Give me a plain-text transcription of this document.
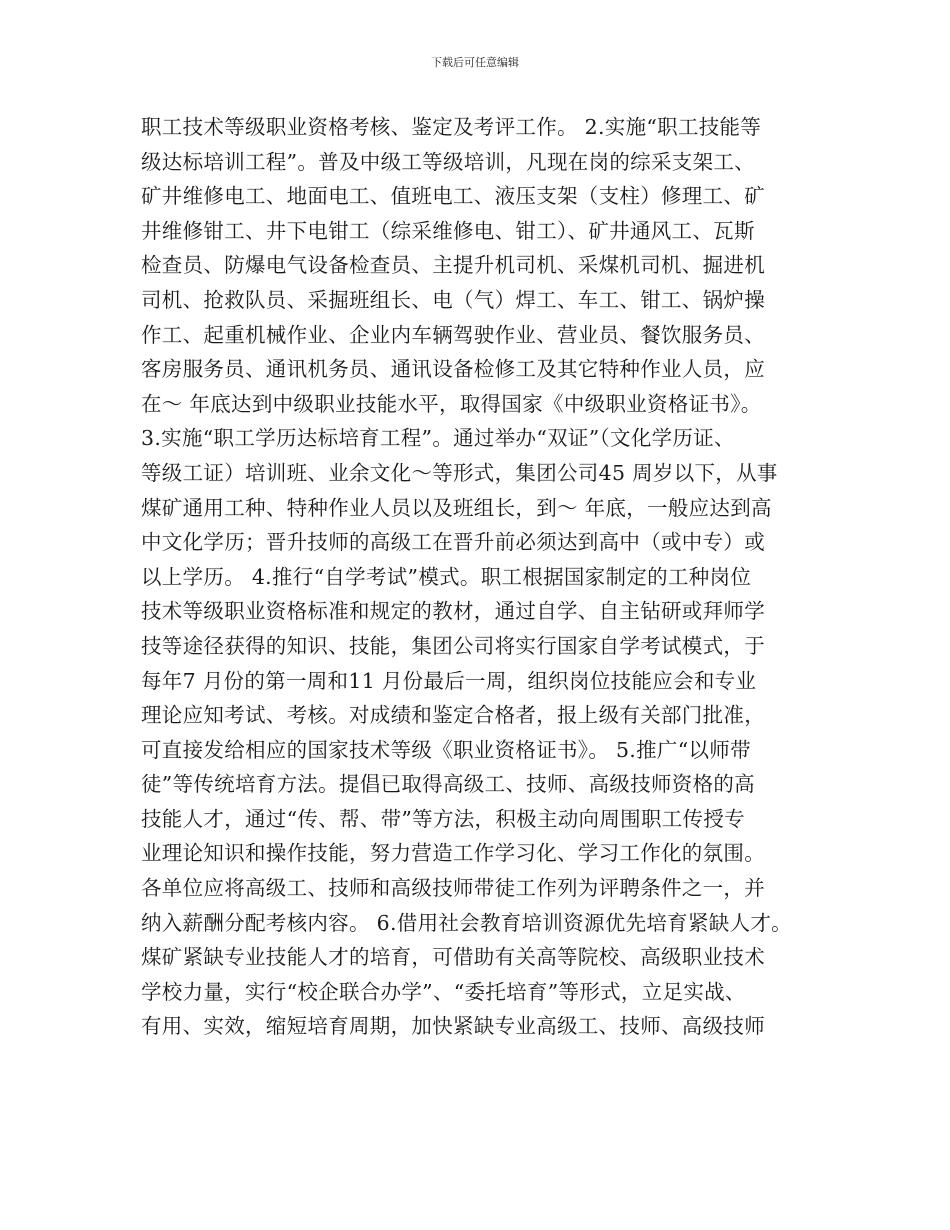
下载后可任意编辑
职工技术等级职业资格考核、鉴定及考评工作。 2.实施“职工技能等
级达标培训工程”。普及中级工等级培训，凡现在岗的综采支架工、
矿井维修电工、地面电工、值班电工、液压支架（支柱）修理工、矿
井维修钳工、井下电钳工（综采维修电、钳工）、矿井通风工、瓦斯
检查员、防爆电气设备检查员、主提升机司机、采煤机司机、掘进机
司机、抢救队员、采掘班组长、电（气）焊工、车工、钳工、锅炉操
作工、起重机械作业、企业内车辆驾驶作业、营业员、餐饮服务员、
客房服务员、通讯机务员、通讯设备检修工及其它特种作业人员，应
在～ 年底达到中级职业技能水平，取得国家《中级职业资格证书》。
3.实施“职工学历达标培育工程”。通过举办“双证”（文化学历证、
等级工证）培训班、业余文化～等形式，集团公司45 周岁以下，从事
煤矿通用工种、特种作业人员以及班组长，到～ 年底，一般应达到高
中文化学历；晋升技师的高级工在晋升前必须达到高中（或中专）或
以上学历。 4.推行“自学考试”模式。职工根据国家制定的工种岗位
技术等级职业资格标准和规定的教材，通过自学、自主钻研或拜师学
技等途径获得的知识、技能，集团公司将实行国家自学考试模式，于
每年7 月份的第一周和11 月份最后一周，组织岗位技能应会和专业
理论应知考试、考核。对成绩和鉴定合格者，报上级有关部门批准，
可直接发给相应的国家技术等级《职业资格证书》。 5.推广“以师带
徒”等传统培育方法。提倡已取得高级工、技师、高级技师资格的高
技能人才，通过“传、帮、带”等方法，积极主动向周围职工传授专
业理论知识和操作技能，努力营造工作学习化、学习工作化的氛围。
各单位应将高级工、技师和高级技师带徒工作列为评聘条件之一，并
纳入薪酬分配考核内容。 6.借用社会教育培训资源优先培育紧缺人才。
煤矿紧缺专业技能人才的培育，可借助有关高等院校、高级职业技术
学校力量，实行“校企联合办学”、“委托培育”等形式，立足实战、
有用、实效，缩短培育周期，加快紧缺专业高级工、技师、高级技师
